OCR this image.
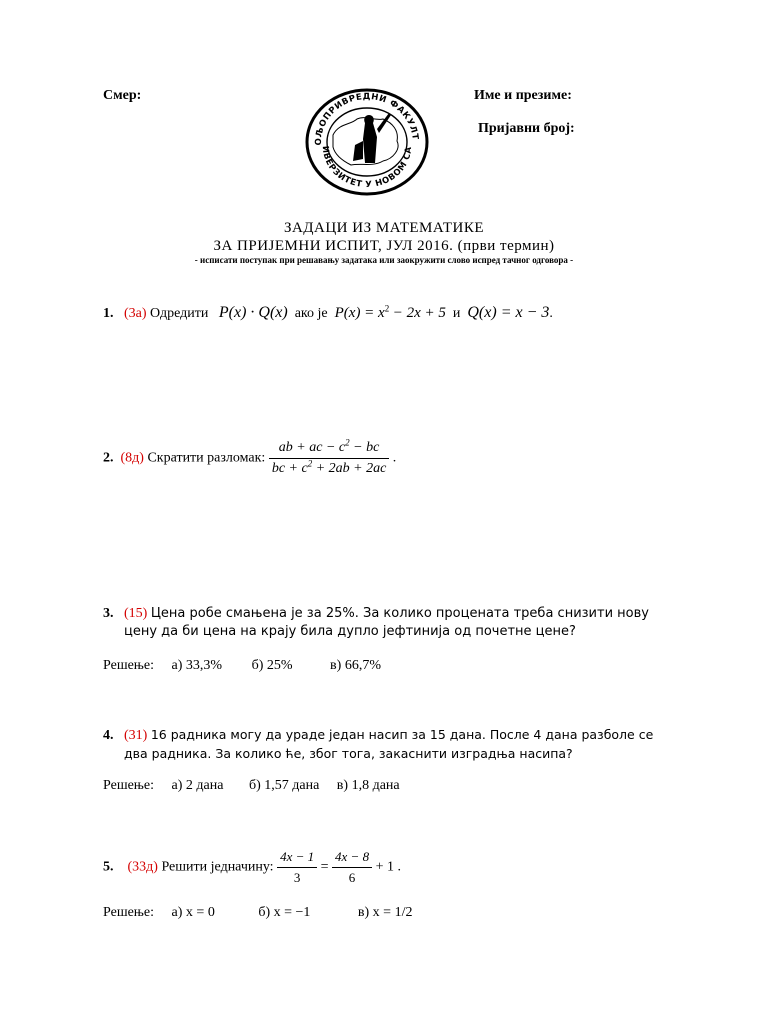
Смер:	Име и презиме:
Пријавни број:
ОЉОПРИВРЕДНИ ФАКУЛТ
ИВЕРЗИТЕТ У НОВОМ СА
ЗАДАЦИ ИЗ МАТЕМАТИКЕ
ЗА ПРИЈЕМНИ ИСПИТ, ЈУЛ 2016. (први термин)
- исписати поступак при решавању задатака или заокружити слово испред тачног одговора -
1. (3а) Одредити P(x) · Q(x) ако је $P(x) = x^2 - 2x + 5$ и Q(x) = x − 3.
2. (8д) Скратити разломак: $\frac{ab + ac - c^2 - bc}{bc + c^2 + 2ab + 2ac}$ .
3. (15) Цена робе смањена је за 25%. За колико процената треба снизити нову
цену да би цена на крају била дупло јефтинија од почетне цене?
Решење: а) 33,3% б) 25%	в) 66,7%
4. (31) 16 радника могу да ураде један насип за 15 дана. После 4 дана разболе се
два радника. За колико ће, због тога, закаснити изградња насипа?
Решење: а) 2 дана б) 1,57 дана в) 1,8 дана
5. (33д) Решити једначину: $\frac{4x - 1}{3} = \frac{4x - 8}{6} + 1$ .
Решење: а) x = 0	б) x = −1	в) x = 1/2
